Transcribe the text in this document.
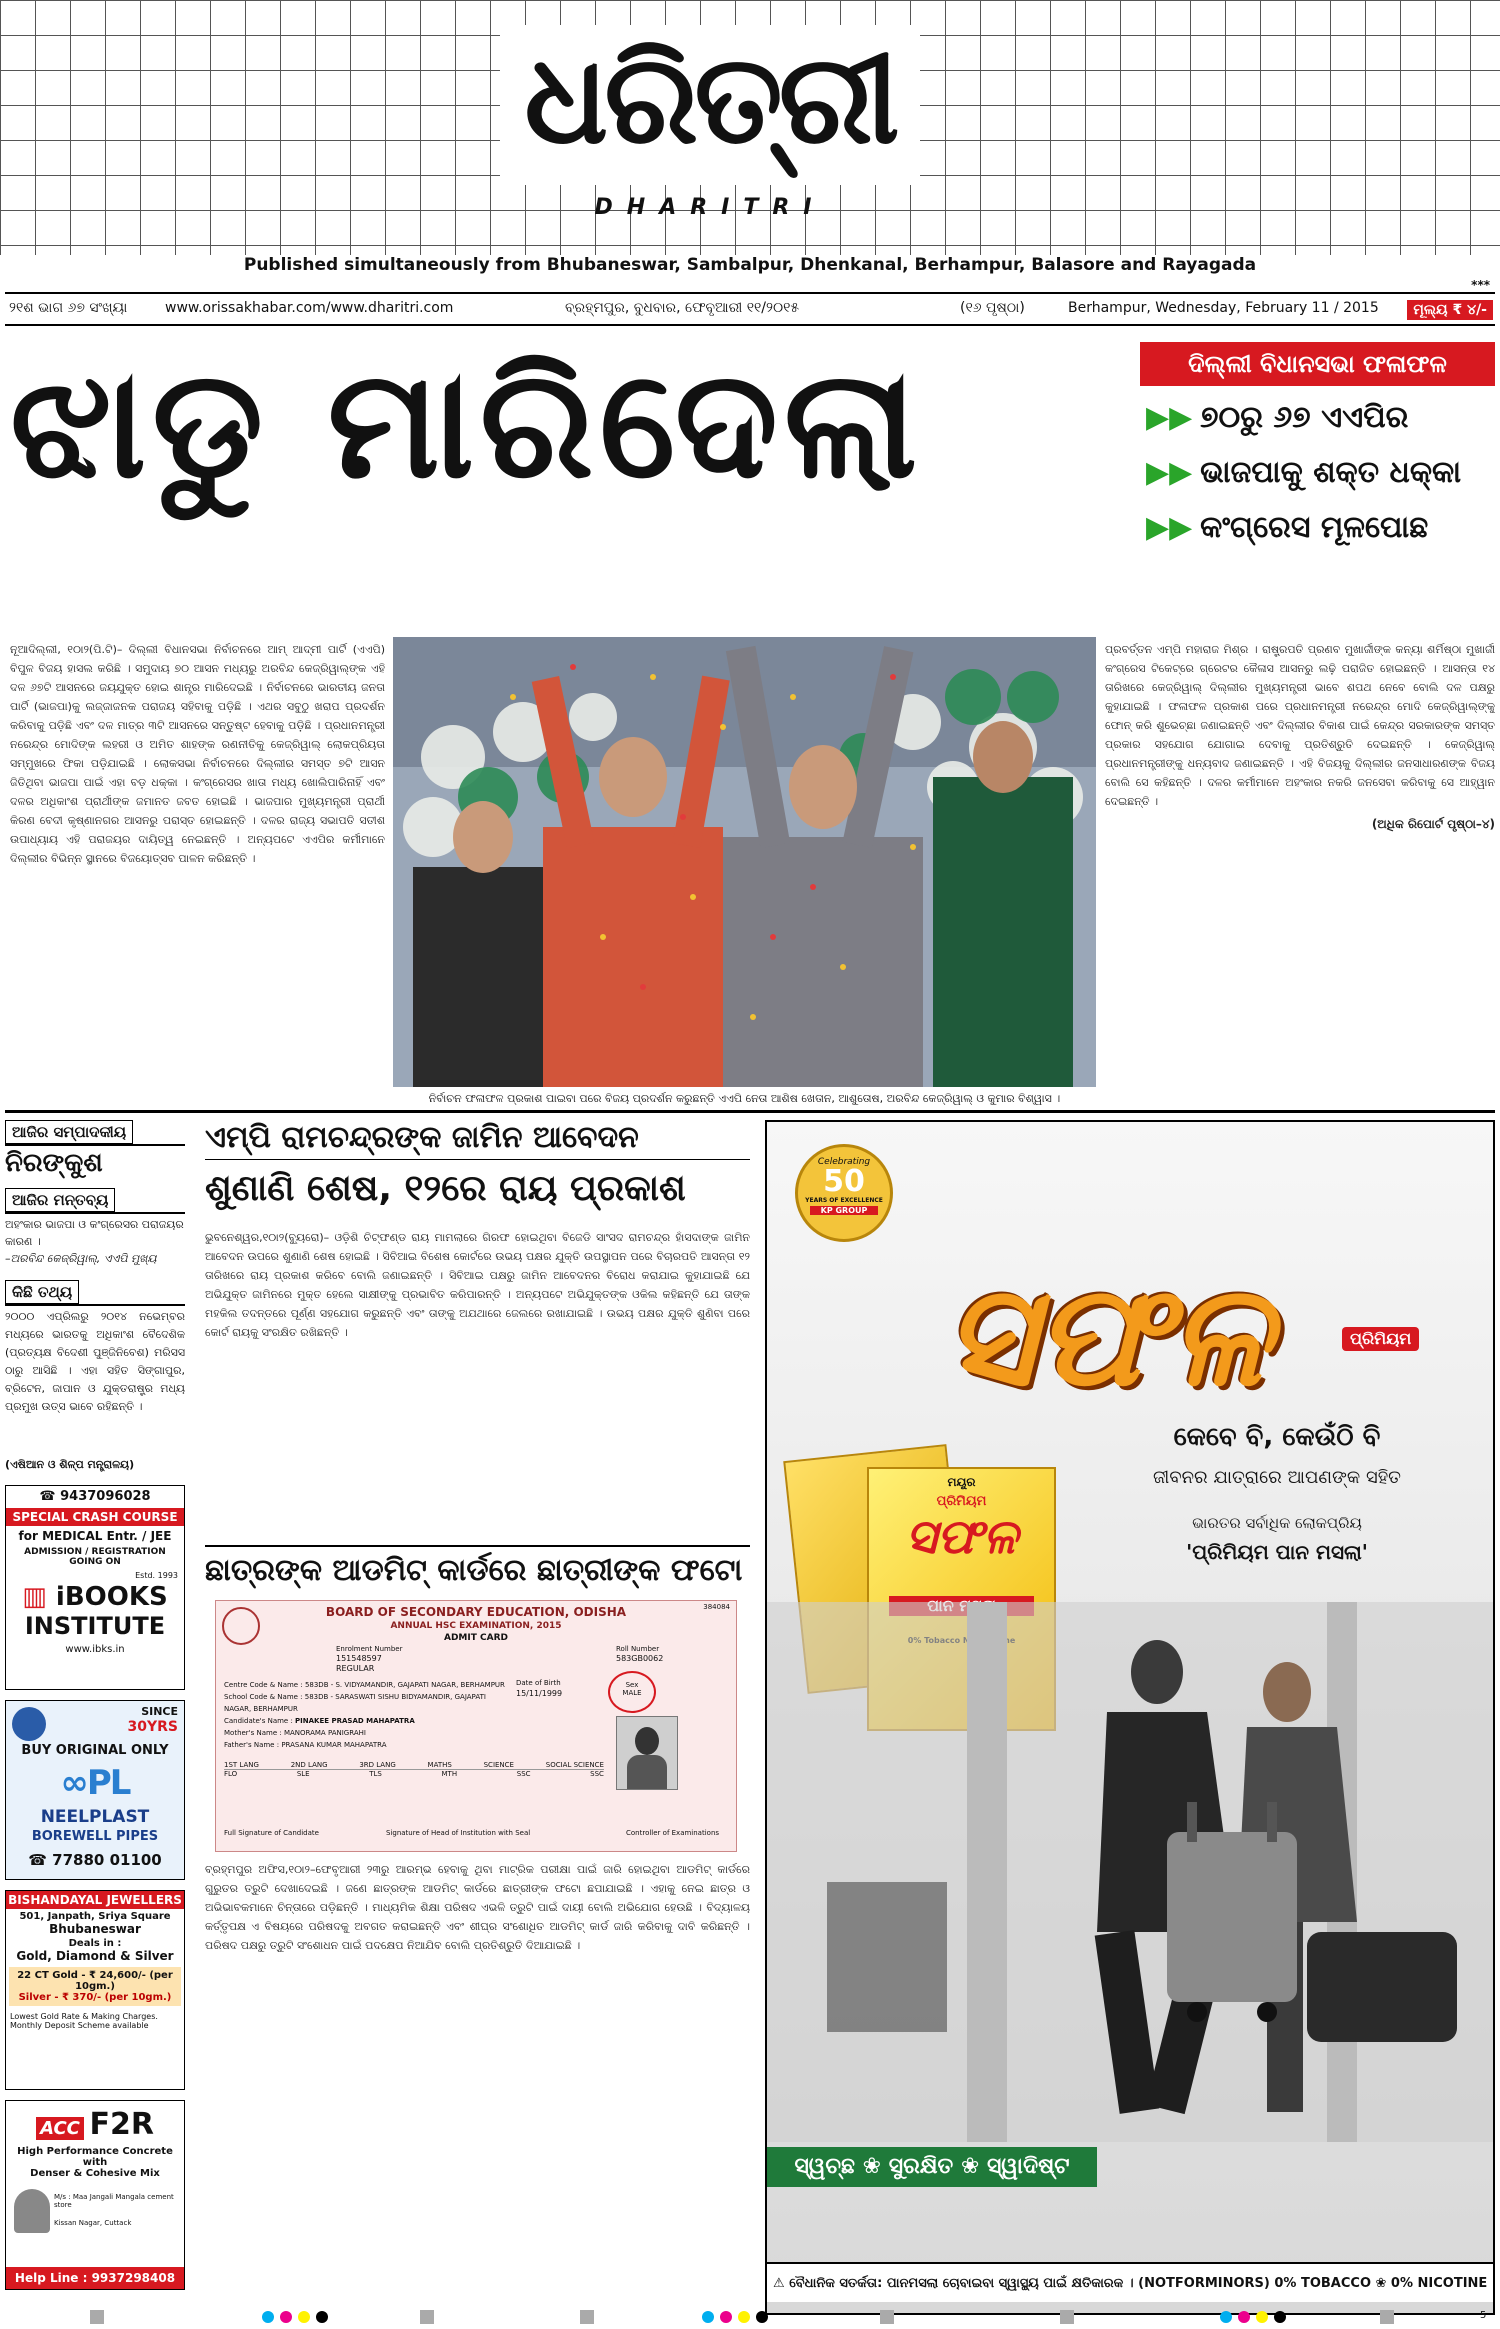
ଧରିତ୍ରୀ
DHARITRI
Published simultaneously from Bhubaneswar, Sambalpur, Dhenkanal, Berhampur, Balasore and Rayagada
***
୨୧ଶ ଭାଗ ୬୭ ସଂଖ୍ୟା	www.orissakhabar.com/www.dharitri.com	ବ୍ରହ୍ମପୁର, ବୁଧବାର, ଫେବୃଆରୀ ୧୧/୨୦୧୫	(୧୬ ପୃଷ୍ଠା)	Berhampur, Wednesday, February 11 / 2015	ମୂଲ୍ୟ ₹ ୪/-
ଝାଡୁ ମାରିଦେଲା	ଦିଲ୍ଲୀ ବିଧାନସଭା ଫଳାଫଳ
▶▶ ୭୦ରୁ ୬୭ ଏଏପିର
▶▶ ଭାଜପାକୁ ଶକ୍ତ ଧକ୍କା
▶▶ କଂଗ୍ରେସ ମୂଳପୋଛ
ନୂଆଦିଲ୍ଲୀ, ୧୦ା୨(ପି.ଟି)– ଦିଲ୍ଲୀ ବିଧାନସଭା ନିର୍ବାଚନରେ ଆମ୍ ଆଦ୍‌ମୀ ପାର୍ଟି (ଏଏପି) ବିପୁଳ ବିଜୟ ହାସଲ କରିଛି । ସମୁଦାୟ ୭୦ ଆସନ ମଧ୍ୟରୁ ଅରବିନ୍ଦ କେଜ୍‌ରିୱାଲ୍‌ଙ୍କ ଏହି ଦଳ ୬୭ଟି ଆସନରେ ଜୟଯୁକ୍ତ ହୋଇ ଶାନ୍ତ୍ର ମାରିଦେଇଛି । ନିର୍ବାଚନରେ ଭାରତୀୟ ଜନତା ପାର୍ଟି (ଭାଜପା)କୁ ଲଜ୍ଜାଜନକ ପରାଜୟ ସହିବାକୁ ପଡ଼ିଛି । ଏଥର ସବୁଠୁ ଖରାପ ପ୍ରଦର୍ଶନ କରିବାକୁ ପଡ଼ିଛି ଏବଂ ଦଳ ମାତ୍ର ୩ଟି ଆସନରେ ସନ୍ତୁଷ୍ଟ ହେବାକୁ ପଡ଼ିଛି । ପ୍ରଧାନମନ୍ତ୍ରୀ ନରେନ୍ଦ୍ର ମୋଦିଙ୍କ ଲହରୀ ଓ ଅମିତ ଶାହଙ୍କ ରଣନୀତିକୁ କେଜ୍‌ରିୱାଲ୍ ଲୋକପ୍ରିୟତା ସମ୍ମୁଖରେ ଫିକା ପଡ଼ିଯାଇଛି । ଲୋକସଭା ନିର୍ବାଚନରେ ଦିଲ୍ଲୀର ସମସ୍ତ ୭ଟି ଆସନ ଜିତିଥିବା ଭାଜପା ପାଇଁ ଏହା ବଡ଼ ଧକ୍କା । କଂଗ୍ରେସର ଖାତା ମଧ୍ୟ ଖୋଲିପାରିନାହିଁ ଏବଂ ଦଳର ଅଧିକାଂଶ ପ୍ରାର୍ଥୀଙ୍କ ଜମାନତ ଜବତ ହୋଇଛି । ଭାଜପାର ମୁଖ୍ୟମନ୍ତ୍ରୀ ପ୍ରାର୍ଥୀ କିରଣ ବେଦୀ କୃଷ୍ଣାନଗର ଆସନରୁ ପରାସ୍ତ ହୋଇଛନ୍ତି । ଦଳର ରାଜ୍ୟ ସଭାପତି ସତୀଶ ଉପାଧ୍ୟାୟ ଏହି ପରାଜୟର ଦାୟିତ୍ୱ ନେଇଛନ୍ତି । ଅନ୍ୟପଟେ ଏଏପିର କର୍ମୀମାନେ ଦିଲ୍ଲୀର ବିଭିନ୍ନ ସ୍ଥାନରେ ବିଜୟୋତ୍ସବ ପାଳନ କରିଛନ୍ତି ।
ନିର୍ବାଚନ ଫଳାଫଳ ପ୍ରକାଶ ପାଇବା ପରେ ବିଜୟ ପ୍ରଦର୍ଶନ କରୁଛନ୍ତି ଏଏପି ନେତା ଆଶିଷ ଖେତାନ, ଆଶୁତୋଷ, ଅରବିନ୍ଦ କେଜ୍‌ରିୱାଲ୍ ଓ କୁମାର ବିଶ୍ୱାସ ।
ପ୍ରବର୍ତ୍ତନ ଏମ୍‌ପି ମହାରାଜ ମିଶ୍ର । ରାଷ୍ଟ୍ରପତି ପ୍ରଣବ ମୁଖାର୍ଜୀଙ୍କ କନ୍ୟା ଶର୍ମିଷ୍ଠା ମୁଖାର୍ଜୀ କଂଗ୍ରେସ ଟିକେଟ୍‌ରେ ଗ୍ରେଟର କୈଳାସ ଆସନରୁ ଲଢ଼ି ପରାଜିତ ହୋଇଛନ୍ତି । ଆସନ୍ତା ୧୪ ତାରିଖରେ କେଜ୍‌ରିୱାଲ୍ ଦିଲ୍ଲୀର ମୁଖ୍ୟମନ୍ତ୍ରୀ ଭାବେ ଶପଥ ନେବେ ବୋଲି ଦଳ ପକ୍ଷରୁ କୁହାଯାଇଛି । ଫଳାଫଳ ପ୍ରକାଶ ପରେ ପ୍ରଧାନମନ୍ତ୍ରୀ ନରେନ୍ଦ୍ର ମୋଦି କେଜ୍‌ରିୱାଲ୍‌ଙ୍କୁ ଫୋନ୍ କରି ଶୁଭେଚ୍ଛା ଜଣାଇଛନ୍ତି ଏବଂ ଦିଲ୍ଲୀର ବିକାଶ ପାଇଁ କେନ୍ଦ୍ର ସରକାରଙ୍କ ସମସ୍ତ ପ୍ରକାର ସହଯୋଗ ଯୋଗାଇ ଦେବାକୁ ପ୍ରତିଶ୍ରୁତି ଦେଇଛନ୍ତି । କେଜ୍‌ରିୱାଲ୍ ପ୍ରଧାନମନ୍ତ୍ରୀଙ୍କୁ ଧନ୍ୟବାଦ ଜଣାଇଛନ୍ତି । ଏହି ବିଜୟକୁ ଦିଲ୍ଲୀର ଜନସାଧାରଣଙ୍କ ବିଜୟ ବୋଲି ସେ କହିଛନ୍ତି । ଦଳର କର୍ମୀମାନେ ଅହଂକାର ନକରି ଜନସେବା କରିବାକୁ ସେ ଆହ୍ୱାନ ଦେଇଛନ୍ତି ।
(ଅଧିକ ରିପୋର୍ଟ ପୃଷ୍ଠା–୪)
ଆଜିର ସମ୍ପାଦକୀୟ
ନିରଙ୍କୁଶ
ଆଜିର ମନ୍ତବ୍ୟ
ଅହଂକାର ଭାଜପା ଓ କଂଗ୍ରେସର ପରାଜୟର କାରଣ ।
–ଅରବିନ୍ଦ କେଜ୍‌ରିୱାଲ୍, ଏଏପି ମୁଖ୍ୟ
କିଛି ତଥ୍ୟ
୨୦୦୦ ଏପ୍ରିଲରୁ ୨୦୧୪ ନଭେମ୍ବର ମଧ୍ୟରେ ଭାରତକୁ ଅଧିକାଂଶ ବୈଦେଶିକ (ପ୍ରତ୍ୟକ୍ଷ ବିଦେଶୀ ପୁଞ୍ଜିନିବେଶ) ମରିସସ ଠାରୁ ଆସିଛି । ଏହା ସହିତ ସିଙ୍ଗାପୁର, ବ୍ରିଟେନ, ଜାପାନ ଓ ଯୁକ୍ତରାଷ୍ଟ୍ର ମଧ୍ୟ ପ୍ରମୁଖ ଉତ୍ସ ଭାବେ ରହିଛନ୍ତି ।
(ଏଷିଆନ ଓ ଶିଳ୍ପ ମନ୍ତ୍ରାଳୟ)
☎ 9437096028
SPECIAL CRASH COURSE
for MEDICAL Entr. / JEE
ADMISSION / REGISTRATION GOING ON
Estd. 1993
▥ iBOOKS
INSTITUTE
www.ibks.in
SINCE
30YRS
BUY ORIGINAL ONLY
∞PL
NEELPLAST
BOREWELL PIPES
☎ 77880 01100
BISHANDAYAL JEWELLERS
501, Janpath, Sriya Square
Bhubaneswar
Deals in :
Gold, Diamond & Silver
22 CT Gold - ₹ 24,600/- (per 10gm.)
Silver - ₹ 370/- (per 10gm.)
Lowest Gold Rate & Making Charges.
Monthly Deposit Scheme available
ACC F2R
High Performance Concrete with
Denser & Cohesive Mix
M/s : Maa Jangali Mangala cement store
Kissan Nagar, Cuttack
Help Line : 9937298408
ଏମ୍‌ପି ରାମଚନ୍ଦ୍ରଙ୍କ ଜାମିନ ଆବେଦନ
ଶୁଣାଣି ଶେଷ, ୧୨ରେ ରାୟ ପ୍ରକାଶ
ଭୁବନେଶ୍ୱର,୧୦ା୨(ବ୍ୟୁରୋ)– ଓଡ଼ିଶି ଚିଟ୍‌ଫଣ୍ଡ ରାୟ ମାମଲାରେ ଗିରଫ ହୋଇଥିବା ବିଜେଡି ସାଂସଦ ରାମଚନ୍ଦ୍ର ହାଁସଦାଙ୍କ ଜାମିନ ଆବେଦନ ଉପରେ ଶୁଣାଣି ଶେଷ ହୋଇଛି । ସିବିଆଇ ବିଶେଷ କୋର୍ଟରେ ଉଭୟ ପକ୍ଷର ଯୁକ୍ତି ଉପସ୍ଥାପନ ପରେ ବିଚାରପତି ଆସନ୍ତା ୧୨ ତାରିଖରେ ରାୟ ପ୍ରକାଶ କରିବେ ବୋଲି ଜଣାଇଛନ୍ତି । ସିବିଆଇ ପକ୍ଷରୁ ଜାମିନ ଆବେଦନର ବିରୋଧ କରାଯାଇ କୁହାଯାଇଛି ଯେ ଅଭିଯୁକ୍ତ ଜାମିନରେ ମୁକ୍ତ ହେଲେ ସାକ୍ଷୀଙ୍କୁ ପ୍ରଭାବିତ କରିପାରନ୍ତି । ଅନ୍ୟପଟେ ଅଭିଯୁକ୍ତଙ୍କ ଓକିଲ କହିଛନ୍ତି ଯେ ତାଙ୍କ ମହକିଲ ତଦନ୍ତରେ ପୂର୍ଣ୍ଣ ସହଯୋଗ କରୁଛନ୍ତି ଏବଂ ତାଙ୍କୁ ଅଯଥାରେ ଜେଲରେ ରଖାଯାଇଛି । ଉଭୟ ପକ୍ଷର ଯୁକ୍ତି ଶୁଣିବା ପରେ କୋର୍ଟ ରାୟକୁ ସଂରକ୍ଷିତ ରଖିଛନ୍ତି ।
ଛାତ୍ରଙ୍କ ଆଡମିଟ୍ କାର୍ଡରେ ଛାତ୍ରୀଙ୍କ ଫଟୋ
384084
BOARD OF SECONDARY EDUCATION, ODISHA
ANNUAL HSC EXAMINATION, 2015
ADMIT CARD
Enrolment Number
151548597
REGULAR
Roll Number
583GB0062
Centre Code & Name : 583DB - S. VIDYAMANDIR, GAJAPATI NAGAR, BERHAMPUR
School Code & Name : 583DB - SARASWATI SISHU BIDYAMANDIR, GAJAPATI NAGAR, BERHAMPUR
Candidate's Name : PINAKEE PRASAD MAHAPATRA
Mother's Name : MANORAMA PANIGRAHI
Father's Name : PRASANA KUMAR MAHAPATRA
Date of Birth
15/11/1999
Sex
MALE
1ST LANG	2ND LANG	3RD LANG	MATHS	SCIENCE	SOCIAL SCIENCE
FLO	SLE	TLS	MTH	SSC	SSC
Full Signature of Candidate	Signature of Head of Institution with Seal	Controller of Examinations
ବ୍ରହ୍ମପୁର ଅଫିସ,୧୦ା୨–ଫେବୃଆରୀ ୨୩ରୁ ଆରମ୍ଭ ହେବାକୁ ଥିବା ମାଟ୍ରିକ ପରୀକ୍ଷା ପାଇଁ ଜାରି ହୋଇଥିବା ଆଡମିଟ୍ କାର୍ଡରେ ଗୁରୁତର ତ୍ରୁଟି ଦେଖାଦେଇଛି । ଜଣେ ଛାତ୍ରଙ୍କ ଆଡମିଟ୍ କାର୍ଡରେ ଛାତ୍ରୀଙ୍କ ଫଟୋ ଛପାଯାଇଛି । ଏହାକୁ ନେଇ ଛାତ୍ର ଓ ଅଭିଭାବକମାନେ ଚିନ୍ତାରେ ପଡ଼ିଛନ୍ତି । ମାଧ୍ୟମିକ ଶିକ୍ଷା ପରିଷଦ ଏଭଳି ତ୍ରୁଟି ପାଇଁ ଦାୟୀ ବୋଲି ଅଭିଯୋଗ ହେଉଛି । ବିଦ୍ୟାଳୟ କର୍ତ୍ତୃପକ୍ଷ ଏ ବିଷୟରେ ପରିଷଦକୁ ଅବଗତ କରାଇଛନ୍ତି ଏବଂ ଶୀଘ୍ର ସଂଶୋଧିତ ଆଡମିଟ୍ କାର୍ଡ ଜାରି କରିବାକୁ ଦାବି କରିଛନ୍ତି । ପରିଷଦ ପକ୍ଷରୁ ତ୍ରୁଟି ସଂଶୋଧନ ପାଇଁ ପଦକ୍ଷେପ ନିଆଯିବ ବୋଲି ପ୍ରତିଶ୍ରୁତି ଦିଆଯାଇଛି ।
Celebrating
50
YEARS OF EXCELLENCE
KP GROUP
ସଫଳ	ପ୍ରିମିୟମ
କେବେ ବି, କେଉଁଠି ବି
ଜୀବନର ଯାତ୍ରାରେ ଆପଣଙ୍କ ସହିତ
ଭାରତର ସର୍ବାଧିକ ଲୋକପ୍ରିୟ
'ପ୍ରିମିୟମ ପାନ ମସଲା'
ମୟୂର
ପ୍ରିମିୟମ
ସଫଳ
ସ୍ୱଚ୍ଛ ❀ ସୁରକ୍ଷିତ ❀ ସ୍ୱାଦିଷ୍ଟ
⚠ ବୈଧାନିକ ସତର୍କତା: ପାନମସଲା ଚୋବାଇବା ସ୍ୱାସ୍ଥ୍ୟ ପାଇଁ କ୍ଷତିକାରକ । (NOTFORMINORS) 0% TOBACCO ❀ 0% NICOTINE
5
